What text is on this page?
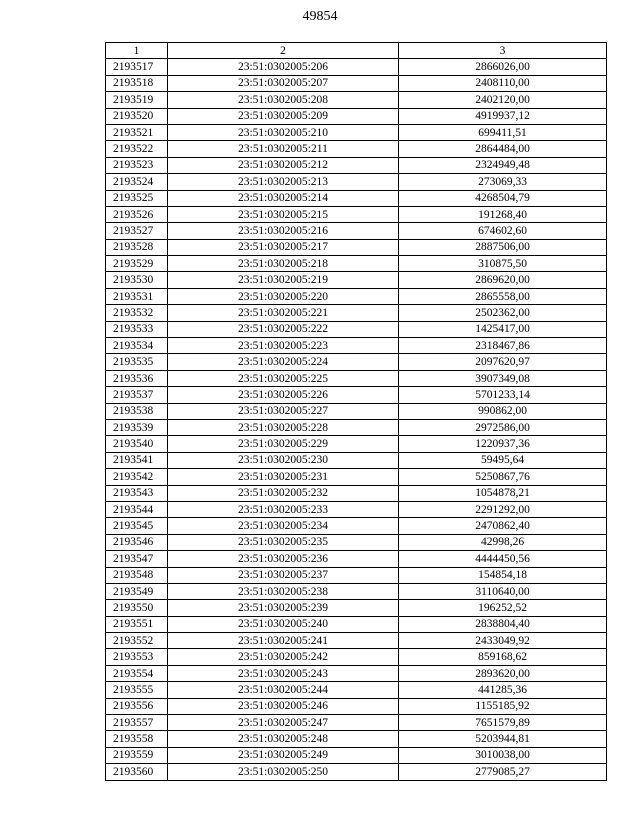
49854
1	2	3
2193517	23:51:0302005:206	2866026,00
2193518	23:51:0302005:207	2408110,00
2193519	23:51:0302005:208	2402120,00
2193520	23:51:0302005:209	4919937,12
2193521	23:51:0302005:210	699411,51
2193522	23:51:0302005:211	2864484,00
2193523	23:51:0302005:212	2324949,48
2193524	23:51:0302005:213	273069,33
2193525	23:51:0302005:214	4268504,79
2193526	23:51:0302005:215	191268,40
2193527	23:51:0302005:216	674602,60
2193528	23:51:0302005:217	2887506,00
2193529	23:51:0302005:218	310875,50
2193530	23:51:0302005:219	2869620,00
2193531	23:51:0302005:220	2865558,00
2193532	23:51:0302005:221	2502362,00
2193533	23:51:0302005:222	1425417,00
2193534	23:51:0302005:223	2318467,86
2193535	23:51:0302005:224	2097620,97
2193536	23:51:0302005:225	3907349,08
2193537	23:51:0302005:226	5701233,14
2193538	23:51:0302005:227	990862,00
2193539	23:51:0302005:228	2972586,00
2193540	23:51:0302005:229	1220937,36
2193541	23:51:0302005:230	59495,64
2193542	23:51:0302005:231	5250867,76
2193543	23:51:0302005:232	1054878,21
2193544	23:51:0302005:233	2291292,00
2193545	23:51:0302005:234	2470862,40
2193546	23:51:0302005:235	42998,26
2193547	23:51:0302005:236	4444450,56
2193548	23:51:0302005:237	154854,18
2193549	23:51:0302005:238	3110640,00
2193550	23:51:0302005:239	196252,52
2193551	23:51:0302005:240	2838804,40
2193552	23:51:0302005:241	2433049,92
2193553	23:51:0302005:242	859168,62
2193554	23:51:0302005:243	2893620,00
2193555	23:51:0302005:244	441285,36
2193556	23:51:0302005:246	1155185,92
2193557	23:51:0302005:247	7651579,89
2193558	23:51:0302005:248	5203944,81
2193559	23:51:0302005:249	3010038,00
2193560	23:51:0302005:250	2779085,27
